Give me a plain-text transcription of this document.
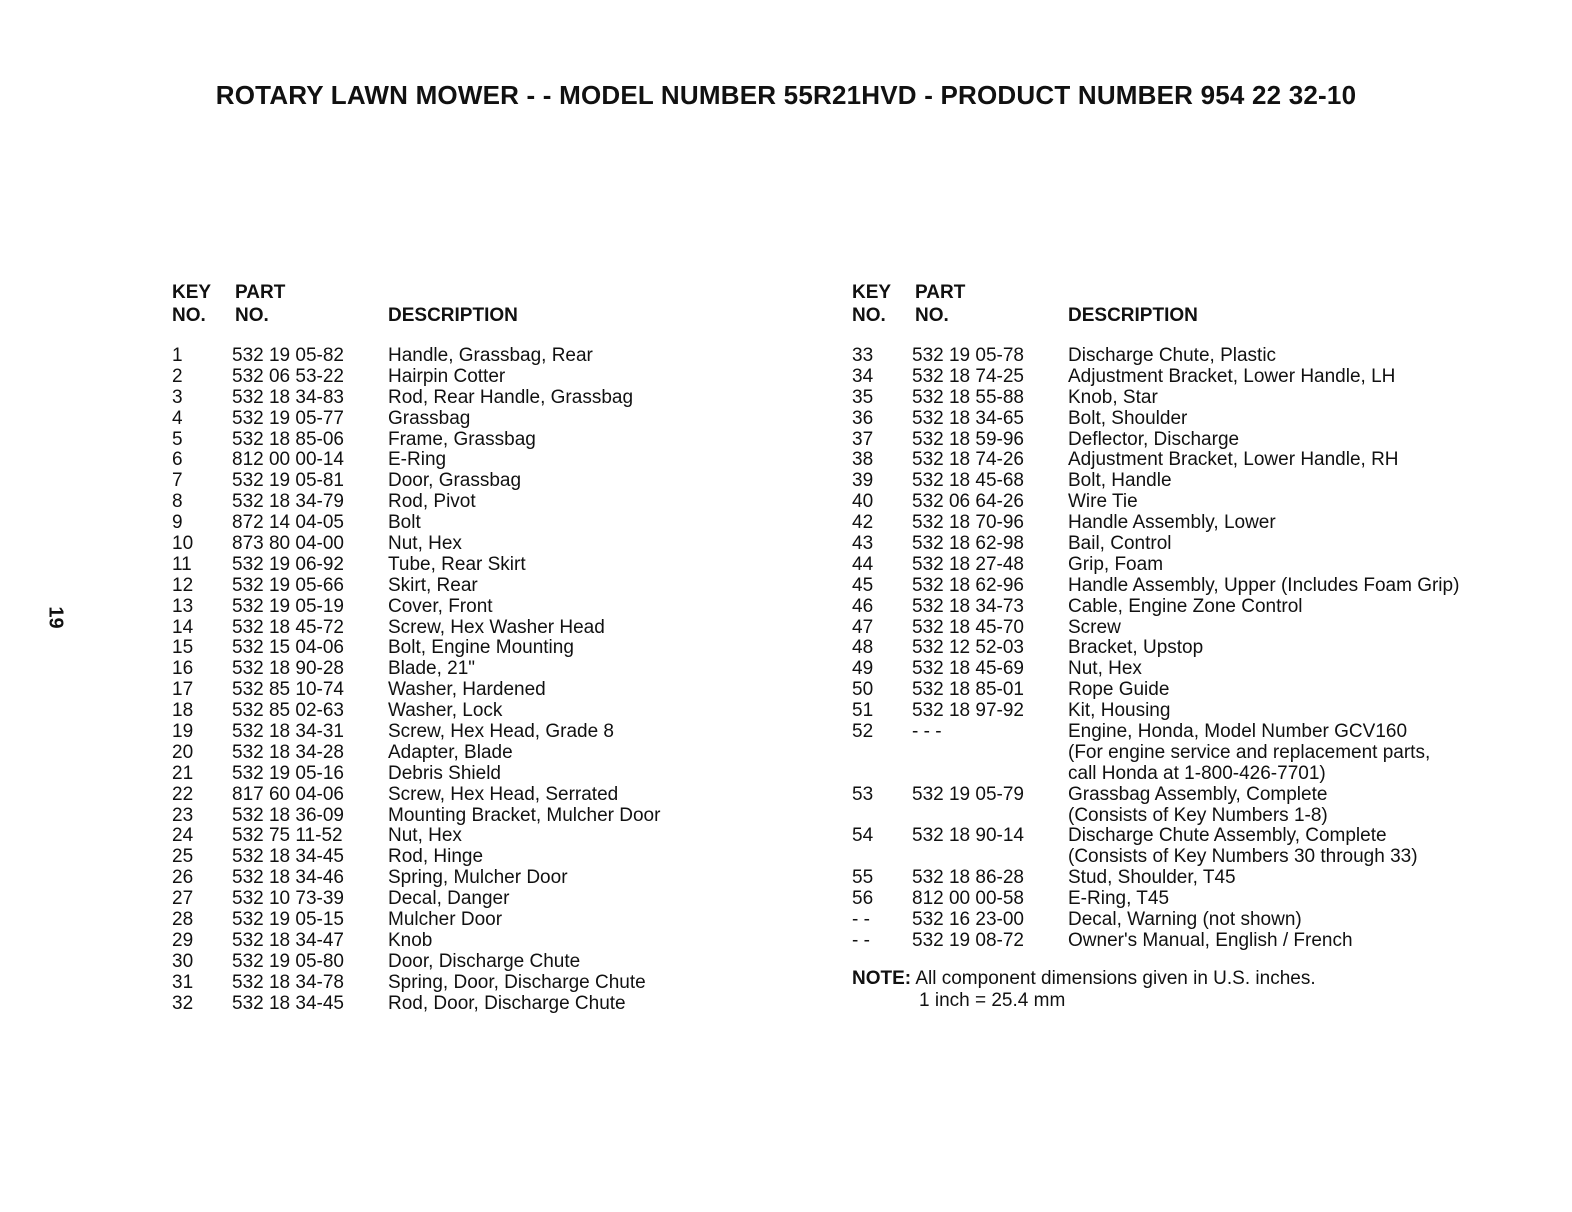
ROTARY LAWN MOWER - - MODEL NUMBER 55R21HVD - PRODUCT NUMBER 954 22 32-10
19
KEY PART
NO. NO.	DESCRIPTION
1	532 19 05-82 Handle, Grassbag, Rear
2	532 06 53-22 Hairpin Cotter
3	532 18 34-83 Rod, Rear Handle, Grassbag
4	532 19 05-77 Grassbag
5	532 18 85-06 Frame, Grassbag
6	812 00 00-14 E-Ring
7	532 19 05-81 Door, Grassbag
8	532 18 34-79 Rod, Pivot
9	872 14 04-05 Bolt
10 873 80 04-00 Nut, Hex
11 532 19 06-92 Tube, Rear Skirt
12 532 19 05-66 Skirt, Rear
13 532 19 05-19 Cover, Front
14 532 18 45-72 Screw, Hex Washer Head
15 532 15 04-06 Bolt, Engine Mounting
16 532 18 90-28 Blade, 21"
17 532 85 10-74 Washer, Hardened
18 532 85 02-63 Washer, Lock
19 532 18 34-31 Screw, Hex Head, Grade 8
20 532 18 34-28 Adapter, Blade
21 532 19 05-16 Debris Shield
22 817 60 04-06 Screw, Hex Head, Serrated
23 532 18 36-09 Mounting Bracket, Mulcher Door
24 532 75 11-52 Nut, Hex
25 532 18 34-45 Rod, Hinge
26 532 18 34-46 Spring, Mulcher Door
27 532 10 73-39 Decal, Danger
28 532 19 05-15 Mulcher Door
29 532 18 34-47 Knob
30 532 19 05-80 Door, Discharge Chute
31 532 18 34-78 Spring, Door, Discharge Chute
32 532 18 34-45 Rod, Door, Discharge Chute
KEY PART
NO. NO.	DESCRIPTION
33 532 19 05-78 Discharge Chute, Plastic
34 532 18 74-25 Adjustment Bracket, Lower Handle, LH
35 532 18 55-88 Knob, Star
36 532 18 34-65 Bolt, Shoulder
37 532 18 59-96 Deflector, Discharge
38 532 18 74-26 Adjustment Bracket, Lower Handle, RH
39 532 18 45-68 Bolt, Handle
40 532 06 64-26 Wire Tie
42 532 18 70-96 Handle Assembly, Lower
43 532 18 62-98 Bail, Control
44 532 18 27-48 Grip, Foam
45 532 18 62-96 Handle Assembly, Upper (Includes Foam Grip)
46 532 18 34-73 Cable, Engine Zone Control
47 532 18 45-70 Screw
48 532 12 52-03 Bracket, Upstop
49 532 18 45-69 Nut, Hex
50 532 18 85-01 Rope Guide
51 532 18 97-92 Kit, Housing
52 - - -	Engine, Honda, Model Number GCV160
(For engine service and replacement parts,
call Honda at 1-800-426-7701)
53 532 19 05-79 Grassbag Assembly, Complete
(Consists of Key Numbers 1-8)
54 532 18 90-14 Discharge Chute Assembly, Complete
(Consists of Key Numbers 30 through 33)
55 532 18 86-28 Stud, Shoulder, T45
56 812 00 00-58 E-Ring, T45
- - 532 16 23-00 Decal, Warning (not shown)
- - 532 19 08-72 Owner's Manual, English / French
NOTE: All component dimensions given in U.S. inches.
1 inch = 25.4 mm
